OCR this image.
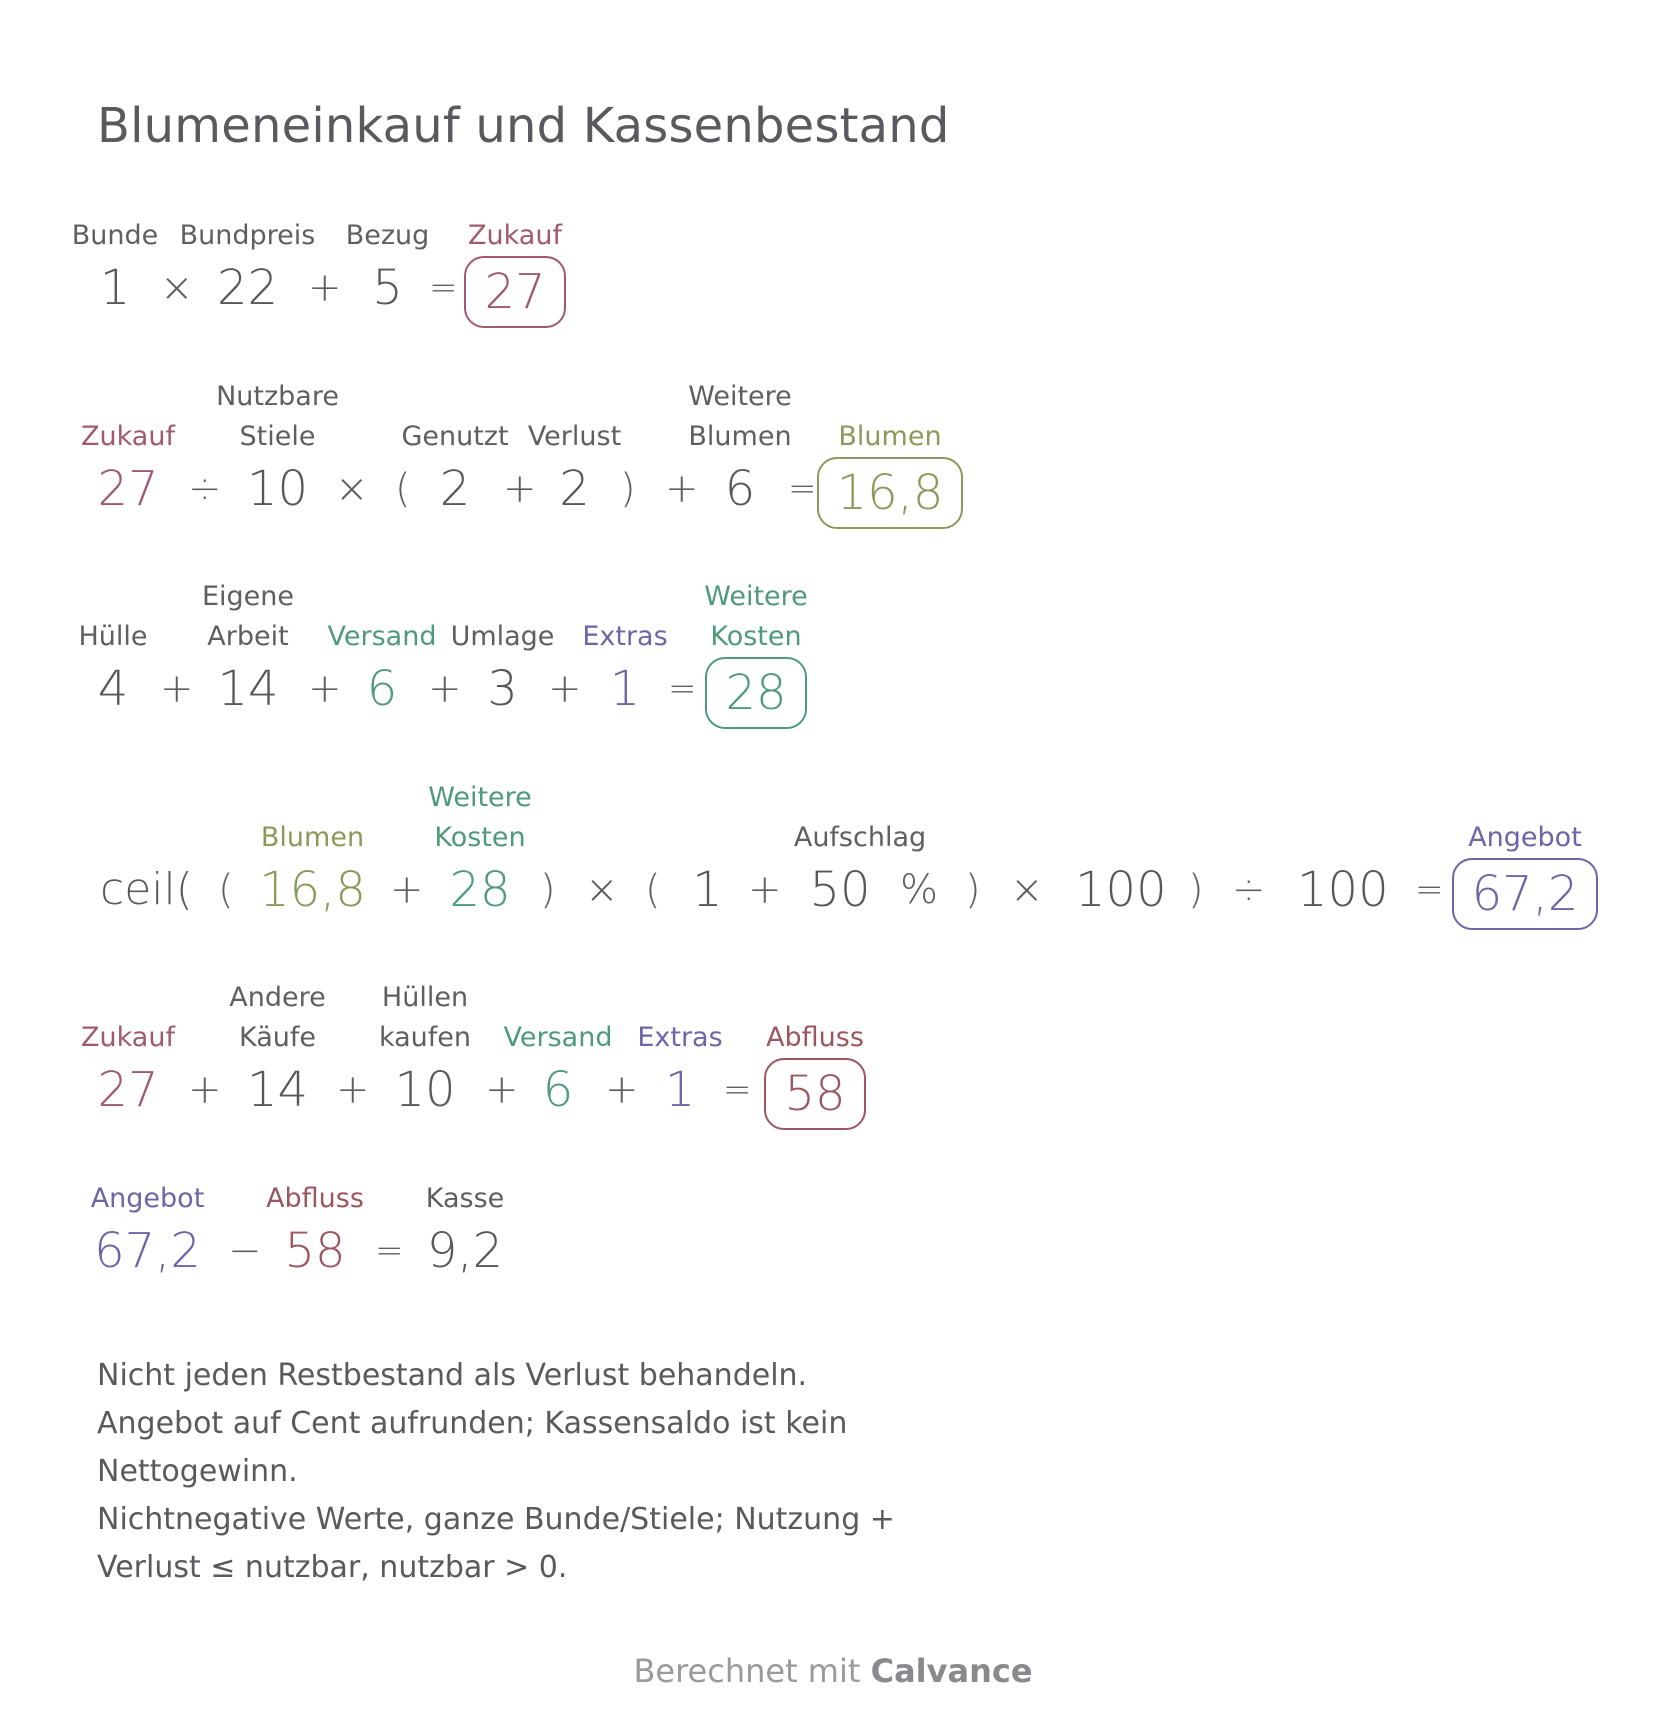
Blumeneinkauf und Kassenbestand
Bunde
1 ×
Bundpreis
22 +
Bezug
5 =
Zukauf
27
Zukauf
27 ÷
Nutzbare
Stiele
10 × (
Genutzt
2 +
Verlust
2 ) +
Weitere
Blumen
6 =
Blumen
16,8
Hülle
4 +
Eigene
Arbeit
14 +
Versand
6 +
Umlage
3 +
Extras
1 =
Weitere
Kosten
28
ceil( (
Blumen
16,8 +
Weitere
Kosten
28 ) × ( 1 +
Aufschlag
50 % ) × 100 ) ÷ 100 =
Angebot
67,2
Zukauf
27 +
Andere
Käufe
14 +
Hüllen
kaufen
10 +
Versand
6 +
Extras
1 =
Abfluss
58
Angebot
67,2 −
Abfluss
58 =
Kasse
9,2
Nicht jeden Restbestand als Verlust behandeln.
Angebot auf Cent aufrunden; Kassensaldo ist kein
Nettogewinn.
Nichtnegative Werte, ganze Bunde/Stiele; Nutzung +
Verlust ≤ nutzbar, nutzbar > 0.
Berechnet mit Calvance
